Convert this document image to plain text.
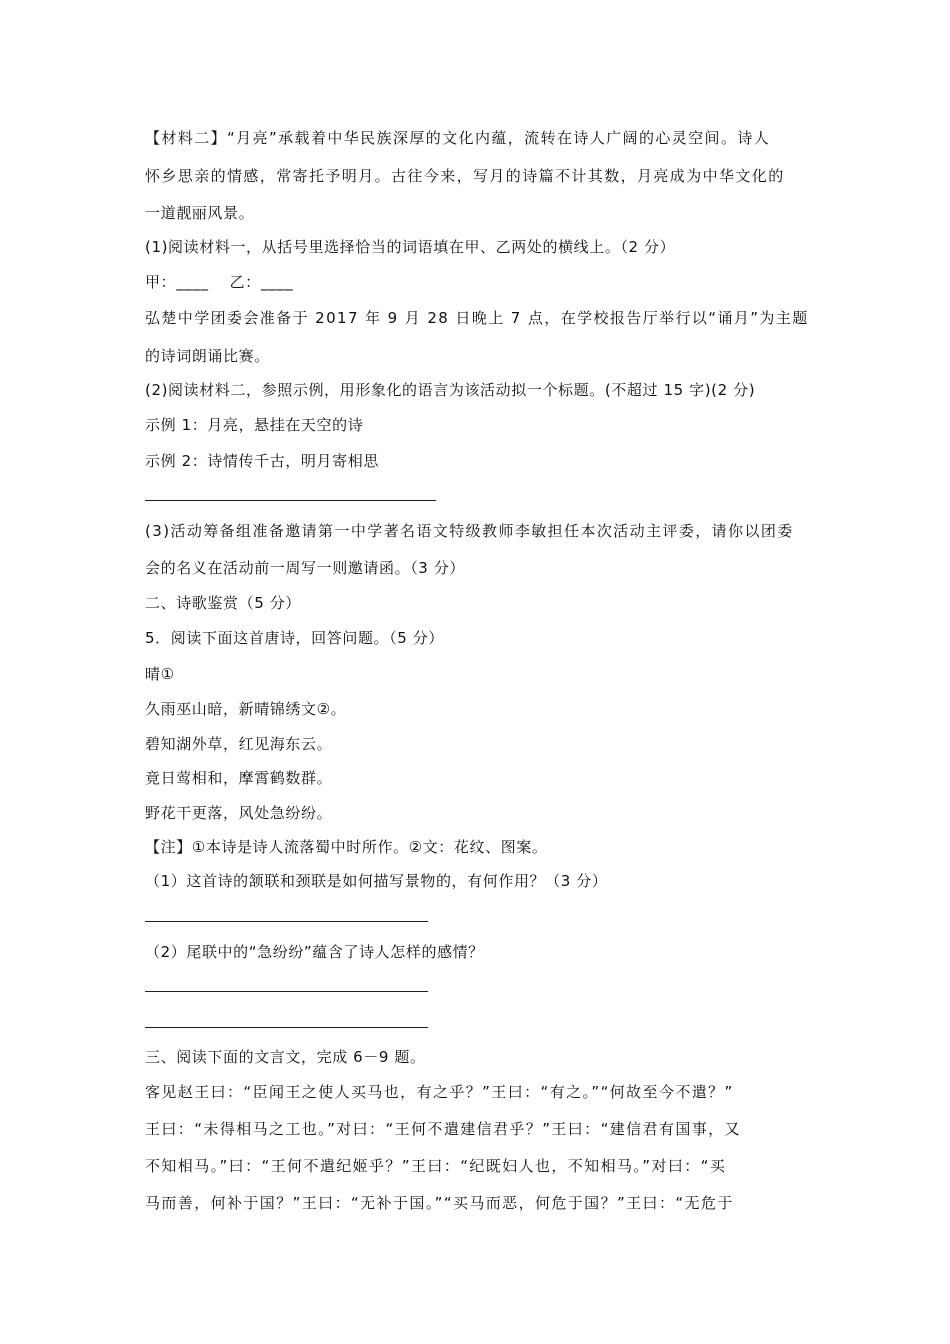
【材料二】“月亮”承载着中华民族深厚的文化内蕴，流转在诗人广阔的心灵空间。诗人
怀乡思亲的情感，常寄托予明月。古往今来，写月的诗篇不计其数，月亮成为中华文化的
一道靓丽风景。
(1)阅读材料一，从括号里选择恰当的词语填在甲、乙两处的横线上。（2 分）
甲：____　 乙：____
弘楚中学团委会准备于 2017 年 9 月 28 日晚上 7 点，在学校报告厅举行以“诵月”为主题
的诗词朗诵比赛。
(2)阅读材料二，参照示例，用形象化的语言为该活动拟一个标题。(不超过 15 字)(2 分)
示例 1：月亮，悬挂在天空的诗
示例 2：诗情传千古，明月寄相思
(3)活动筹备组准备邀请第一中学著名语文特级教师李敏担任本次活动主评委，请你以团委
会的名义在活动前一周写一则邀请函。（3 分）
二、诗歌鉴赏（5 分）
5．阅读下面这首唐诗，回答问题。（5 分）
晴①
久雨巫山暗，新晴锦绣文②。
碧知湖外草，红见海东云。
竟日莺相和，摩霄鹤数群。
野花干更落，风处急纷纷。
【注】①本诗是诗人流落蜀中时所作。②文：花纹、图案。
（1）这首诗的颔联和颈联是如何描写景物的，有何作用？（3 分）
（2）尾联中的“急纷纷”蕴含了诗人怎样的感情？
三、阅读下面的文言文，完成 6－9 题。
客见赵王曰：“臣闻王之使人买马也，有之乎？”王曰：“有之。”“何故至今不遣？”
王曰：“未得相马之工也。”对曰：“王何不遣建信君乎？”王曰：“建信君有国事，又
不知相马。”曰：“王何不遣纪姬乎？”王曰：“纪既妇人也，不知相马。”对曰：“买
马而善，何补于国？”王曰：“无补于国。”“买马而恶，何危于国？”王曰：“无危于
